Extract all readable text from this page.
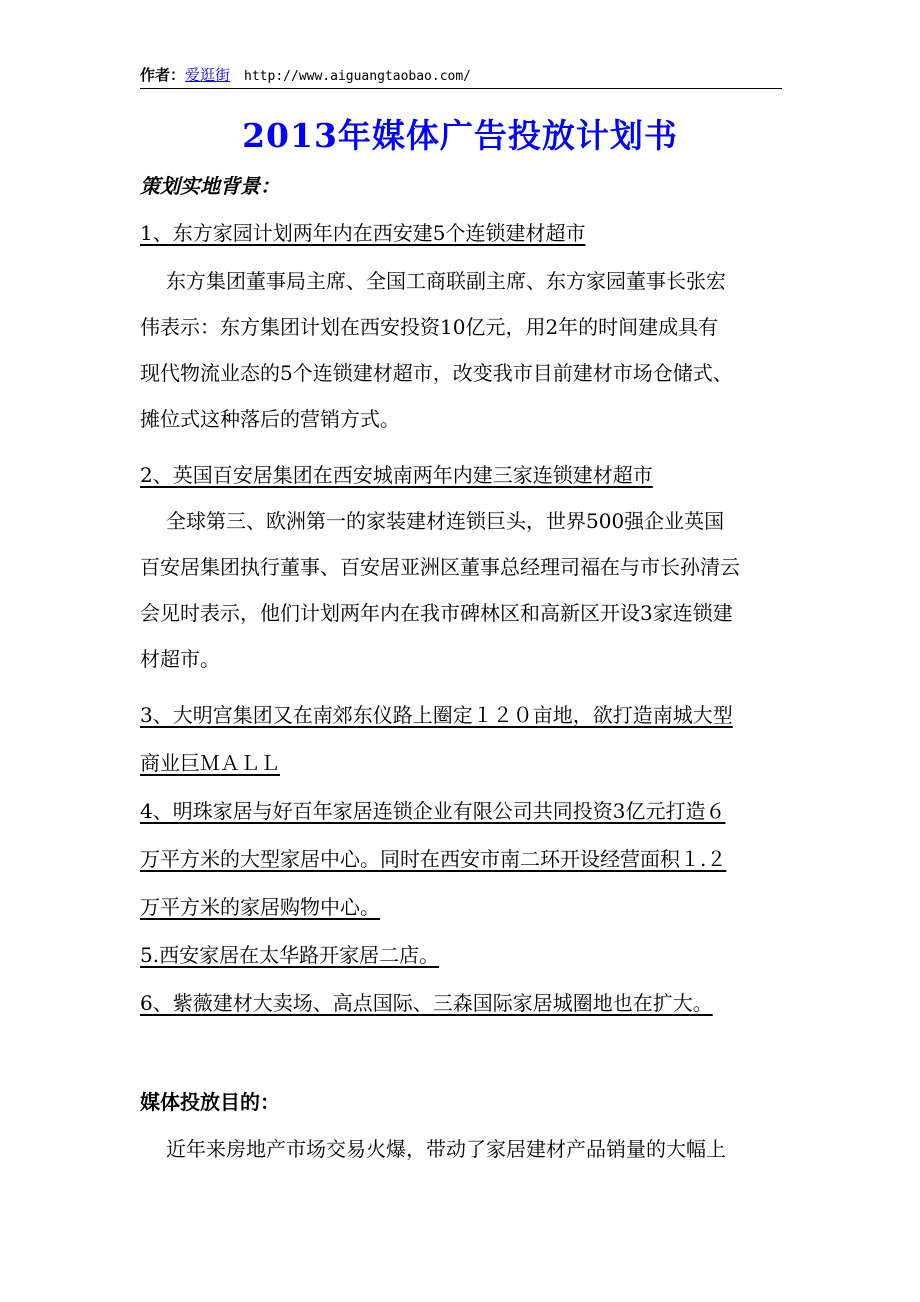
作者：爱逛街 http://www.aiguangtaobao.com/
2013年媒体广告投放计划书
策划实地背景：
1、东方家园计划两年内在西安建5个连锁建材超市
东方集团董事局主席、全国工商联副主席、东方家园董事长张宏
伟表示：东方集团计划在西安投资10亿元，用2年的时间建成具有
现代物流业态的5个连锁建材超市，改变我市目前建材市场仓储式、
摊位式这种落后的营销方式。
2、英国百安居集团在西安城南两年内建三家连锁建材超市
全球第三、欧洲第一的家装建材连锁巨头，世界500强企业英国
百安居集团执行董事、百安居亚洲区董事总经理司福在与市长孙清云
会见时表示，他们计划两年内在我市碑林区和高新区开设3家连锁建
材超市。
3、大明宫集团又在南郊东仪路上圈定１２０亩地，欲打造南城大型
商业巨ＭＡＬＬ
4、明珠家居与好百年家居连锁企业有限公司共同投资3亿元打造６
万平方米的大型家居中心。同时在西安市南二环开设经营面积１.２
万平方米的家居购物中心。
5.西安家居在太华路开家居二店。
6、紫薇建材大卖场、高点国际、三森国际家居城圈地也在扩大。
媒体投放目的：
近年来房地产市场交易火爆，带动了家居建材产品销量的大幅上
